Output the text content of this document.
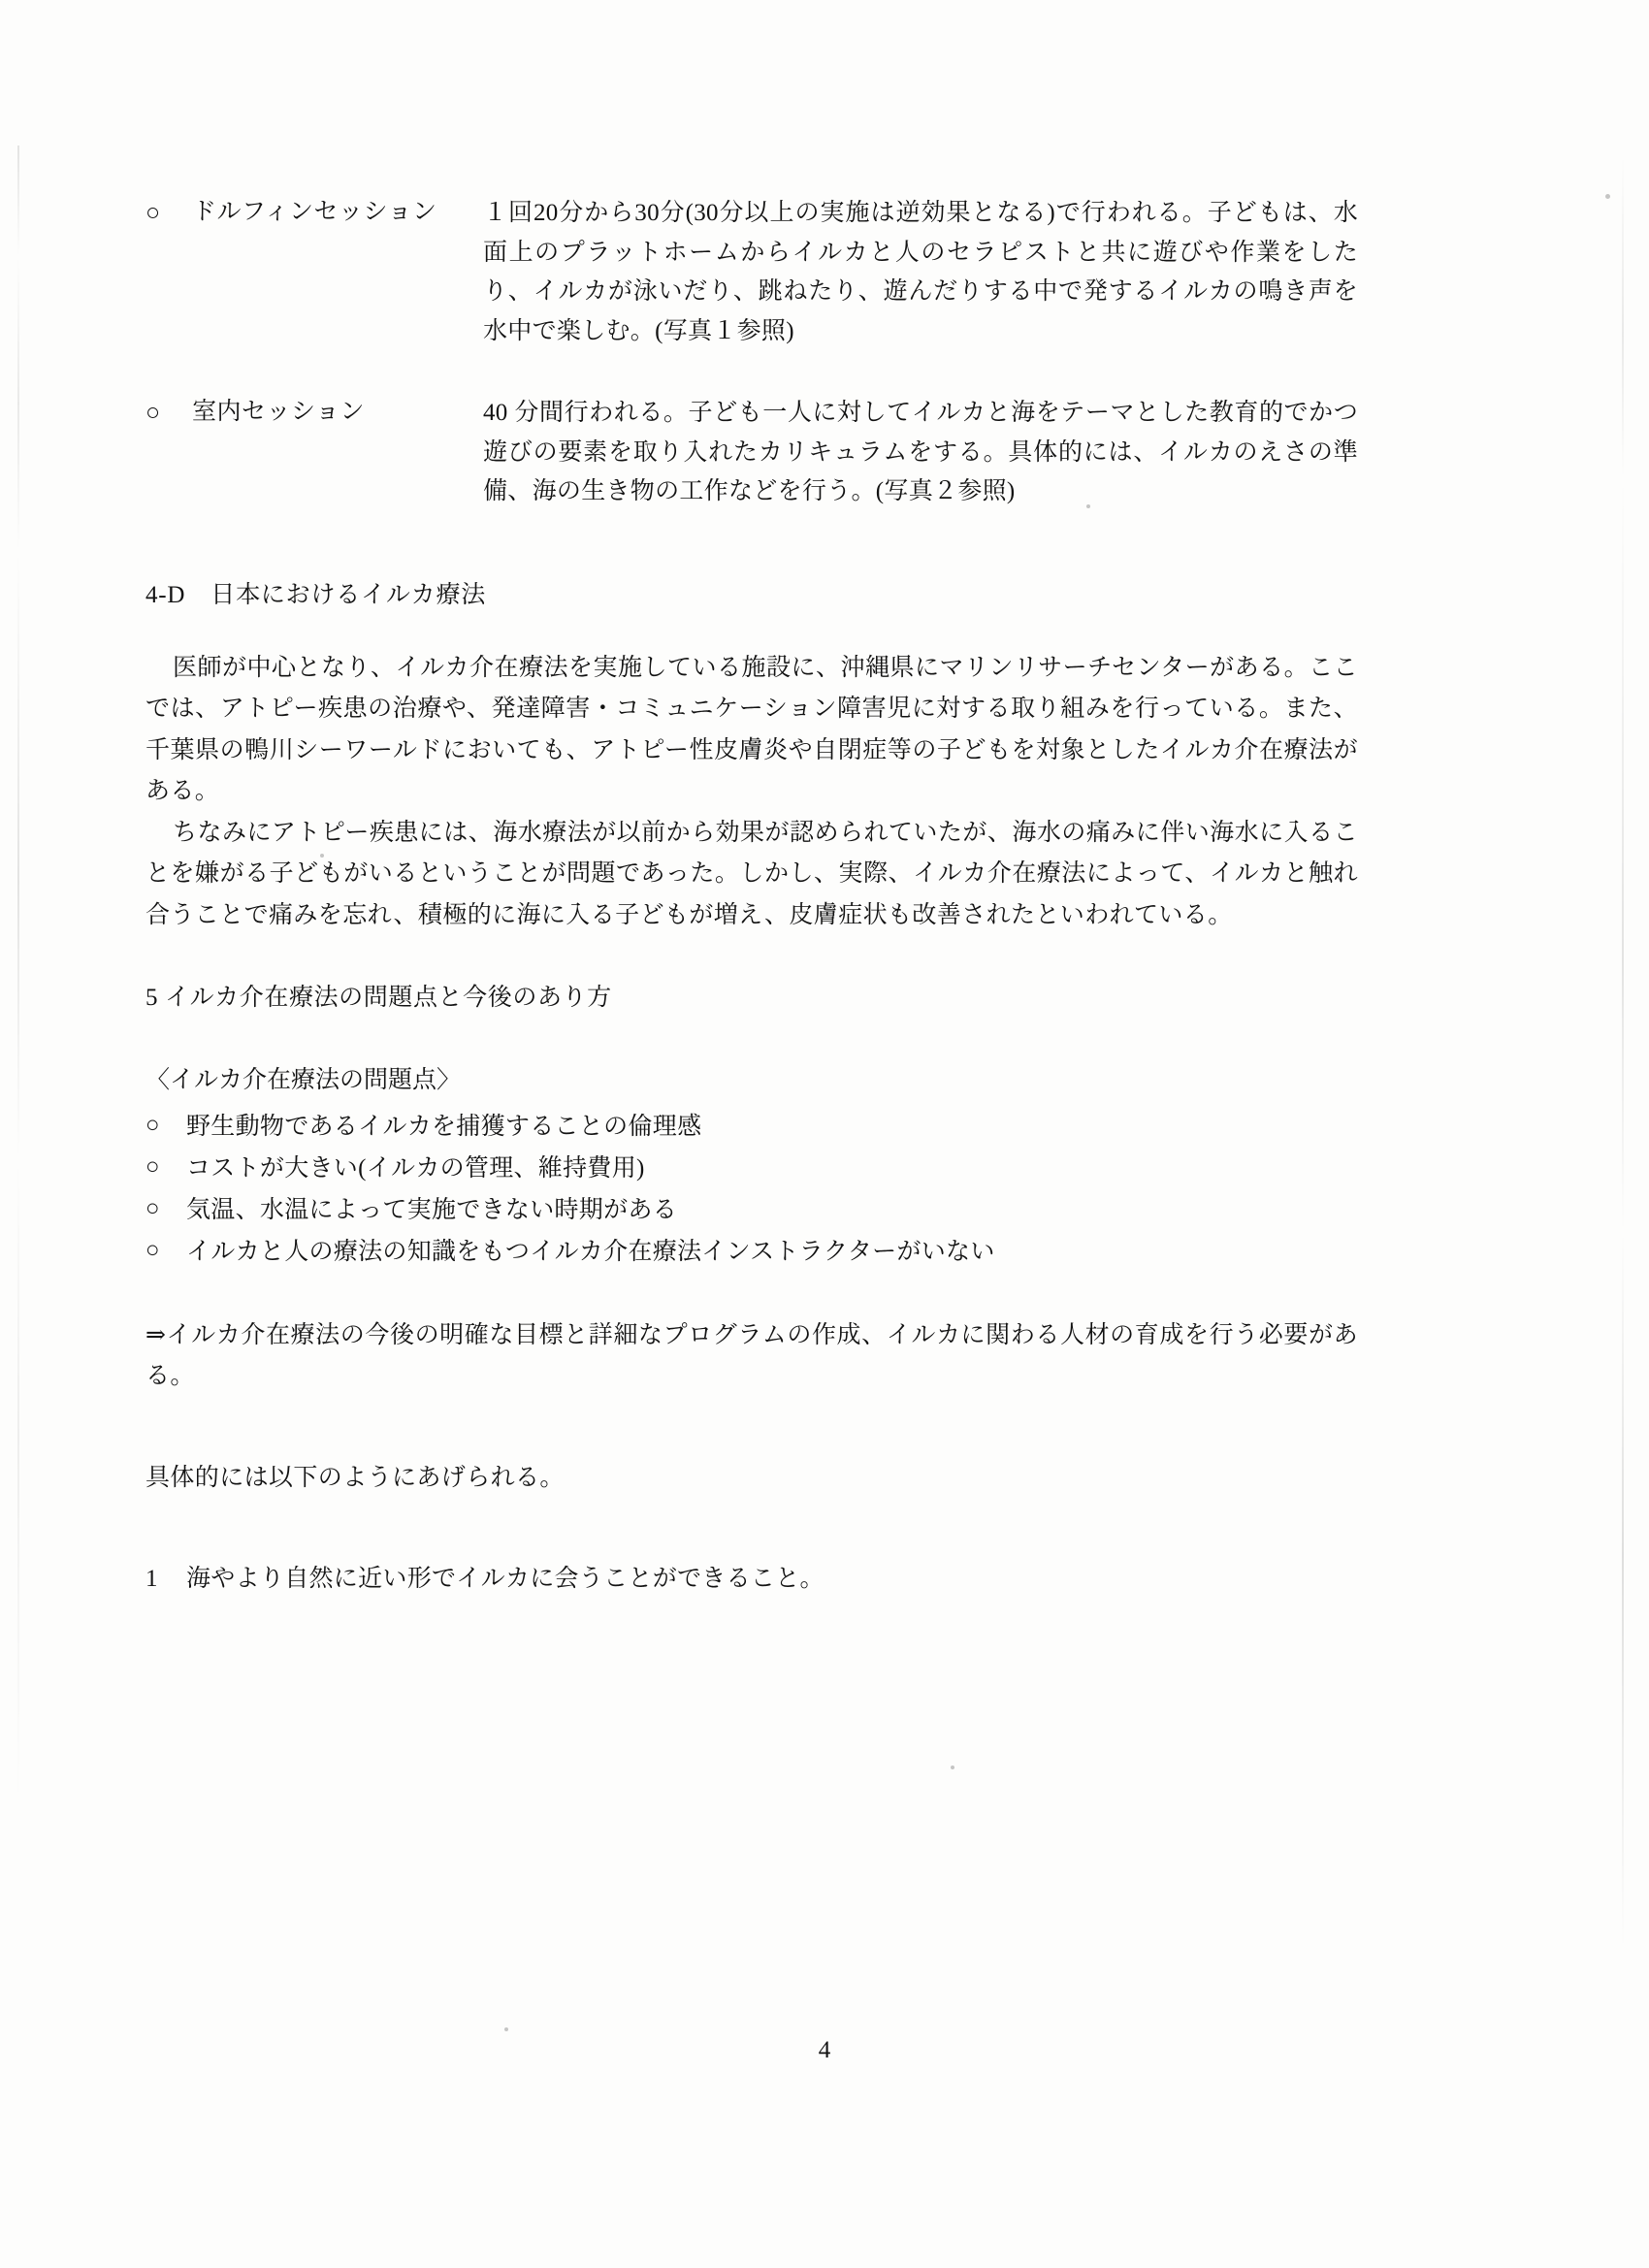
○	ドルフィンセッション	１回20分から30分(30分以上の実施は逆効果となる)で行われる。子どもは、水面上のプラットホームからイルカと人のセラピストと共に遊びや作業をしたり、イルカが泳いだり、跳ねたり、遊んだりする中で発するイルカの鳴き声を水中で楽しむ。(写真１参照)
○	室内セッション	40 分間行われる。子ども一人に対してイルカと海をテーマとした教育的でかつ遊びの要素を取り入れたカリキュラムをする。具体的には、イルカのえさの準備、海の生き物の工作などを行う。(写真２参照)
4-D 日本におけるイルカ療法

医師が中心となり、イルカ介在療法を実施している施設に、沖縄県にマリンリサーチセンターがある。ここでは、アトピー疾患の治療や、発達障害・コミュニケーション障害児に対する取り組みを行っている。また、千葉県の鴨川シーワールドにおいても、アトピー性皮膚炎や自閉症等の子どもを対象としたイルカ介在療法がある。

ちなみにアトピー疾患には、海水療法が以前から効果が認められていたが、海水の痛みに伴い海水に入ることを嫌がる子どもがいるということが問題であった。しかし、実際、イルカ介在療法によって、イルカと触れ合うことで痛みを忘れ、積極的に海に入る子どもが増え、皮膚症状も改善されたといわれている。

5 イルカ介在療法の問題点と今後のあり方

〈イルカ介在療法の問題点〉

○	野生動物であるイルカを捕獲することの倫理感
○	コストが大きい(イルカの管理、維持費用)
○	気温、水温によって実施できない時期がある
○	イルカと人の療法の知識をもつイルカ介在療法インストラクターがいない

⇒イルカ介在療法の今後の明確な目標と詳細なプログラムの作成、イルカに関わる人材の育成を行う必要がある。

具体的には以下のようにあげられる。

1	海やより自然に近い形でイルカに会うことができること。
4
